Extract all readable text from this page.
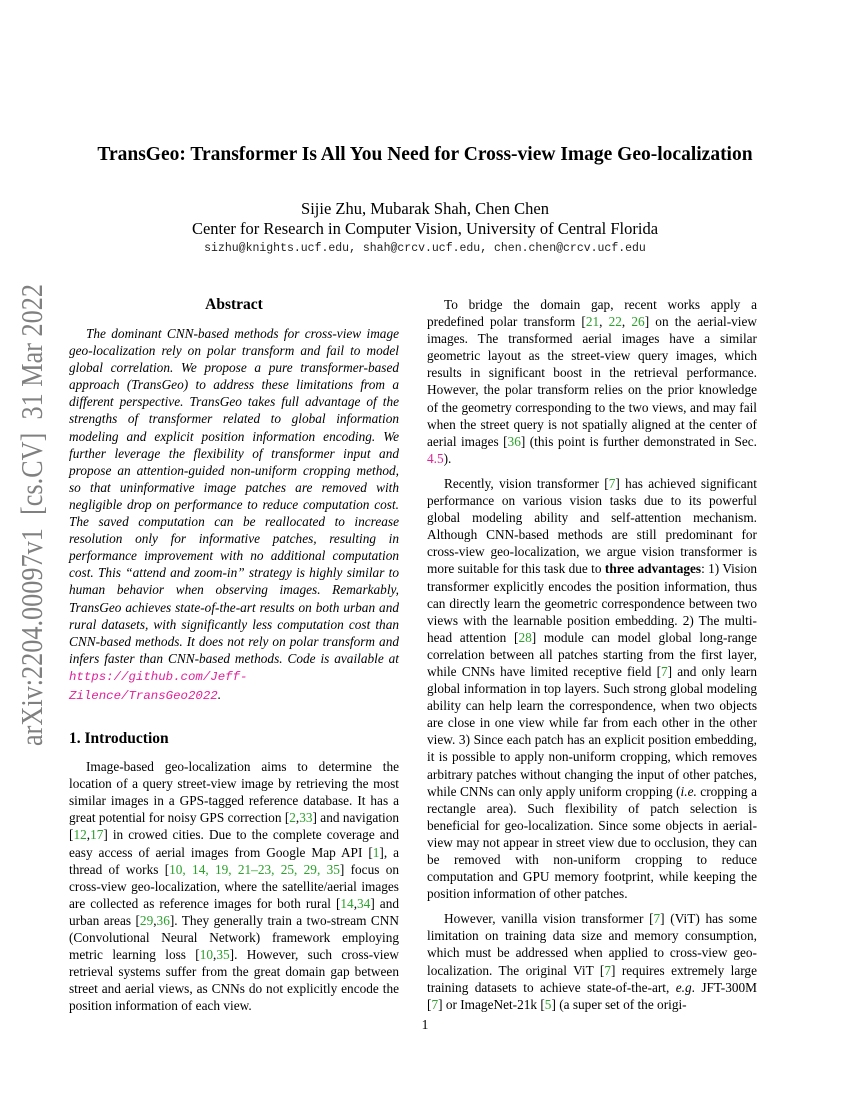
arXiv:2204.00097v1  [cs.CV]  31 Mar 2022
TransGeo: Transformer Is All You Need for Cross-view Image Geo-localization
Sijie Zhu, Mubarak Shah, Chen Chen
Center for Research in Computer Vision, University of Central Florida
sizhu@knights.ucf.edu, shah@crcv.ucf.edu, chen.chen@crcv.ucf.edu
Abstract

The dominant CNN-based methods for cross-view image geo-localization rely on polar transform and fail to model global correlation. We propose a pure transformer-based approach (TransGeo) to address these limitations from a different perspective. TransGeo takes full advantage of the strengths of transformer related to global information modeling and explicit position information encoding. We further leverage the flexibility of transformer input and propose an attention-guided non-uniform cropping method, so that uninformative image patches are removed with negligible drop on performance to reduce computation cost. The saved computation can be reallocated to increase resolution only for informative patches, resulting in performance improvement with no additional computation cost. This “attend and zoom-in” strategy is highly similar to human behavior when observing images. Remarkably, TransGeo achieves state-of-the-art results on both urban and rural datasets, with significantly less computation cost than CNN-based methods. It does not rely on polar transform and infers faster than CNN-based methods. Code is available at https://github.com/Jeff-Zilence/TransGeo2022.

1. Introduction

Image-based geo-localization aims to determine the location of a query street-view image by retrieving the most similar images in a GPS-tagged reference database. It has a great potential for noisy GPS correction [2,33] and navigation [12,17] in crowed cities. Due to the complete coverage and easy access of aerial images from Google Map API [1], a thread of works [10, 14, 19, 21–23, 25, 29, 35] focus on cross-view geo-localization, where the satellite/aerial images are collected as reference images for both rural [14,34] and urban areas [29,36]. They generally train a two-stream CNN (Convolutional Neural Network) framework employing metric learning loss [10,35]. However, such cross-view retrieval systems suffer from the great domain gap between street and aerial views, as CNNs do not explicitly encode the position information of each view.

To bridge the domain gap, recent works apply a predefined polar transform [21, 22, 26] on the aerial-view images. The transformed aerial images have a similar geometric layout as the street-view query images, which results in significant boost in the retrieval performance. However, the polar transform relies on the prior knowledge of the geometry corresponding to the two views, and may fail when the street query is not spatially aligned at the center of aerial images [36] (this point is further demonstrated in Sec. 4.5).

Recently, vision transformer [7] has achieved significant performance on various vision tasks due to its powerful global modeling ability and self-attention mechanism. Although CNN-based methods are still predominant for cross-view geo-localization, we argue vision transformer is more suitable for this task due to three advantages: 1) Vision transformer explicitly encodes the position information, thus can directly learn the geometric correspondence between two views with the learnable position embedding. 2) The multi-head attention [28] module can model global long-range correlation between all patches starting from the first layer, while CNNs have limited receptive field [7] and only learn global information in top layers. Such strong global modeling ability can help learn the correspondence, when two objects are close in one view while far from each other in the other view. 3) Since each patch has an explicit position embedding, it is possible to apply non-uniform cropping, which removes arbitrary patches without changing the input of other patches, while CNNs can only apply uniform cropping (i.e. cropping a rectangle area). Such flexibility of patch selection is beneficial for geo-localization. Since some objects in aerial-view may not appear in street view due to occlusion, they can be removed with non-uniform cropping to reduce computation and GPU memory footprint, while keeping the position information of other patches.

However, vanilla vision transformer [7] (ViT) has some limitation on training data size and memory consumption, which must be addressed when applied to cross-view geo-localization. The original ViT [7] requires extremely large training datasets to achieve state-of-the-art, e.g. JFT-300M [7] or ImageNet-21k [5] (a super set of the origi-

1
